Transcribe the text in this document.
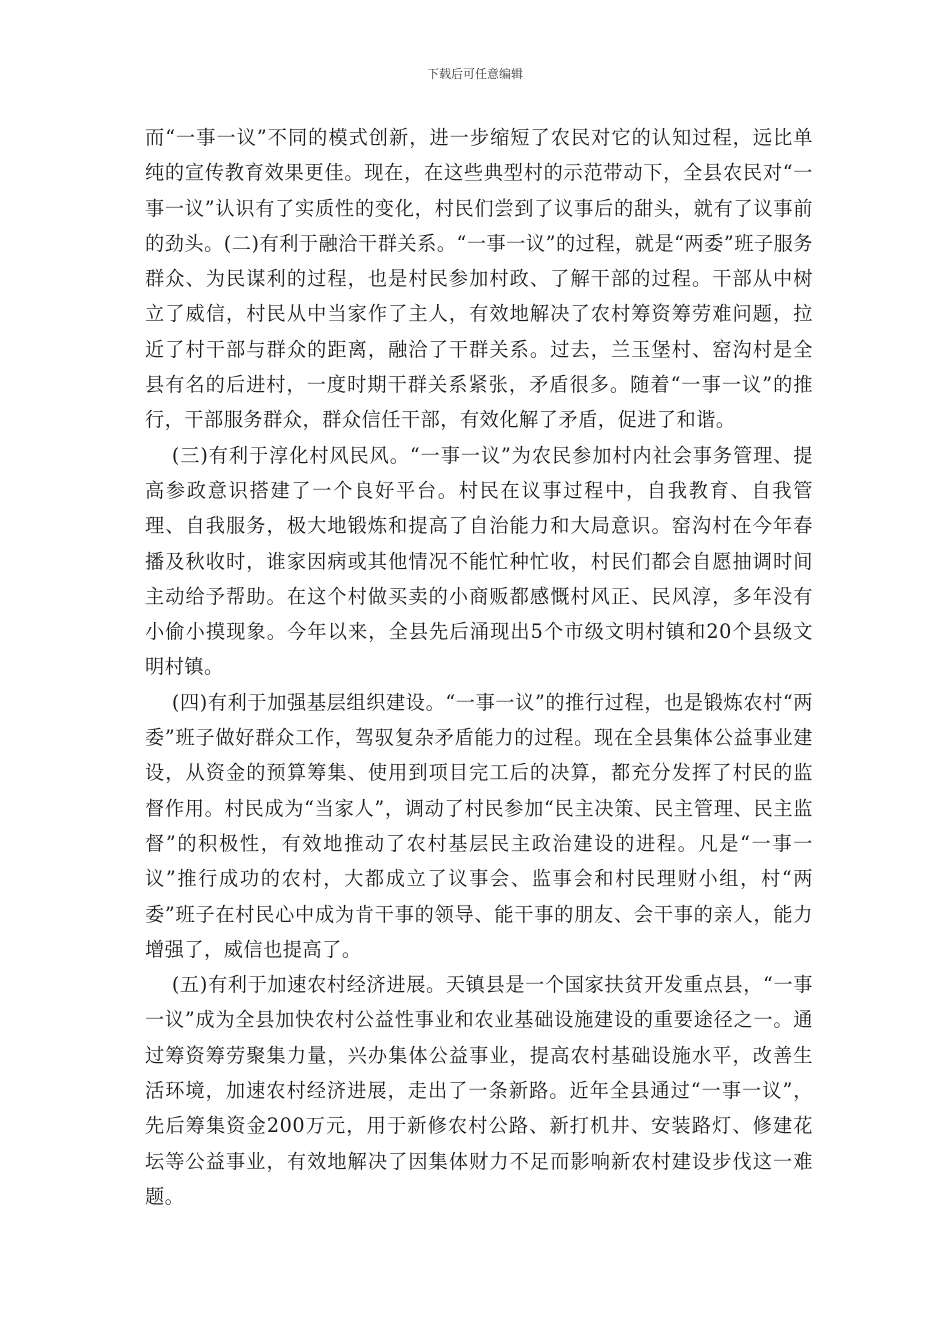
下载后可任意编辑

而“一事一议”不同的模式创新，进一步缩短了农民对它的认知过程，远比单纯的宣传教育效果更佳。现在，在这些典型村的示范带动下，全县农民对“一事一议”认识有了实质性的变化，村民们尝到了议事后的甜头，就有了议事前的劲头。(二)有利于融洽干群关系。“一事一议”的过程，就是“两委”班子服务群众、为民谋利的过程，也是村民参加村政、了解干部的过程。干部从中树立了威信，村民从中当家作了主人，有效地解决了农村筹资筹劳难问题，拉近了村干部与群众的距离，融洽了干群关系。过去，兰玉堡村、窑沟村是全县有名的后进村，一度时期干群关系紧张，矛盾很多。随着“一事一议”的推行，干部服务群众，群众信任干部，有效化解了矛盾，促进了和谐。

(三)有利于淳化村风民风。“一事一议”为农民参加村内社会事务管理、提高参政意识搭建了一个良好平台。村民在议事过程中，自我教育、自我管理、自我服务，极大地锻炼和提高了自治能力和大局意识。窑沟村在今年春播及秋收时，谁家因病或其他情况不能忙种忙收，村民们都会自愿抽调时间主动给予帮助。在这个村做买卖的小商贩都感慨村风正、民风淳，多年没有小偷小摸现象。今年以来，全县先后涌现出5个市级文明村镇和20个县级文明村镇。

(四)有利于加强基层组织建设。“一事一议”的推行过程，也是锻炼农村“两委”班子做好群众工作，驾驭复杂矛盾能力的过程。现在全县集体公益事业建设，从资金的预算筹集、使用到项目完工后的决算，都充分发挥了村民的监督作用。村民成为“当家人”，调动了村民参加“民主决策、民主管理、民主监督”的积极性，有效地推动了农村基层民主政治建设的进程。凡是“一事一议”推行成功的农村，大都成立了议事会、监事会和村民理财小组，村“两委”班子在村民心中成为肯干事的领导、能干事的朋友、会干事的亲人，能力增强了，威信也提高了。

(五)有利于加速农村经济进展。天镇县是一个国家扶贫开发重点县，“一事一议”成为全县加快农村公益性事业和农业基础设施建设的重要途径之一。通过筹资筹劳聚集力量，兴办集体公益事业，提高农村基础设施水平，改善生活环境，加速农村经济进展，走出了一条新路。近年全县通过“一事一议”，先后筹集资金200万元，用于新修农村公路、新打机井、安装路灯、修建花坛等公益事业，有效地解决了因集体财力不足而影响新农村建设步伐这一难题。
